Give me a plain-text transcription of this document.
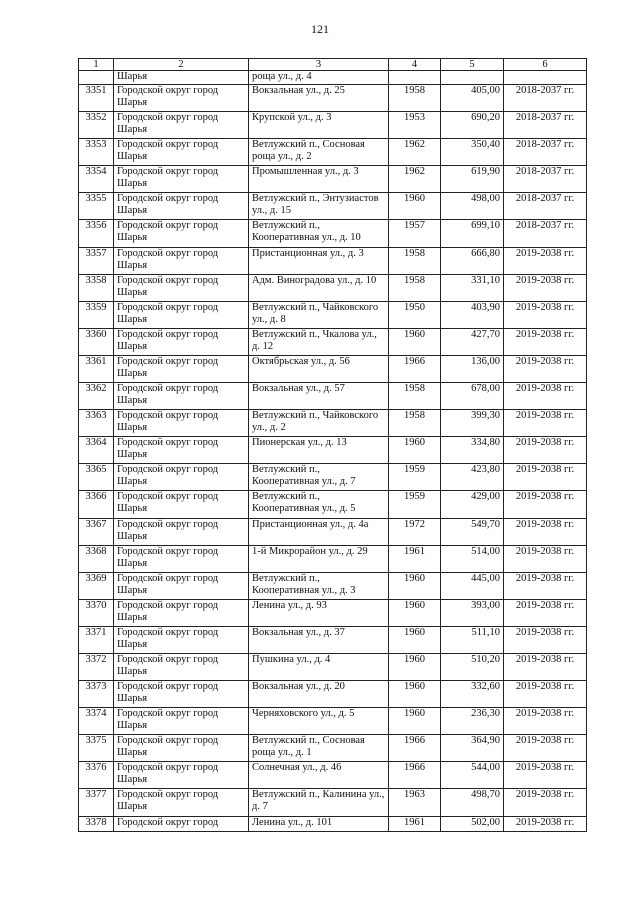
121
1	2	3	4	5	6
	Шарья	роща ул., д. 4			
3351	Городской округ город Шарья	Вокзальная ул., д. 25	1958	405,00	2018-2037 гг.
3352	Городской округ город Шарья	Крупской ул., д. 3	1953	690,20	2018-2037 гг.
3353	Городской округ город Шарья	Ветлужский п., Сосновая роща ул., д. 2	1962	350,40	2018-2037 гг.
3354	Городской округ город Шарья	Промышленная ул., д. 3	1962	619,90	2018-2037 гг.
3355	Городской округ город Шарья	Ветлужский п., Энтузиастов ул., д. 15	1960	498,00	2018-2037 гг.
3356	Городской округ город Шарья	Ветлужский п., Кооперативная ул., д. 10	1957	699,10	2018-2037 гг.
3357	Городской округ город Шарья	Пристанционная ул., д. 3	1958	666,80	2019-2038 гг.
3358	Городской округ город Шарья	Адм. Виноградова ул., д. 10	1958	331,10	2019-2038 гг.
3359	Городской округ город Шарья	Ветлужский п., Чайковского ул., д. 8	1950	403,90	2019-2038 гг.
3360	Городской округ город Шарья	Ветлужский п., Чкалова ул., д. 12	1960	427,70	2019-2038 гг.
3361	Городской округ город Шарья	Октябрьская ул., д. 56	1966	136,00	2019-2038 гг.
3362	Городской округ город Шарья	Вокзальная ул., д. 57	1958	678,00	2019-2038 гг.
3363	Городской округ город Шарья	Ветлужский п., Чайковского ул., д. 2	1958	399,30	2019-2038 гг.
3364	Городской округ город Шарья	Пионерская ул., д. 13	1960	334,80	2019-2038 гг.
3365	Городской округ город Шарья	Ветлужский п., Кооперативная ул., д. 7	1959	423,80	2019-2038 гг.
3366	Городской округ город Шарья	Ветлужский п., Кооперативная ул., д. 5	1959	429,00	2019-2038 гг.
3367	Городской округ город Шарья	Пристанционная ул., д. 4а	1972	549,70	2019-2038 гг.
3368	Городской округ город Шарья	1-й Микрорайон ул., д. 29	1961	514,00	2019-2038 гг.
3369	Городской округ город Шарья	Ветлужский п., Кооперативная ул., д. 3	1960	445,00	2019-2038 гг.
3370	Городской округ город Шарья	Ленина ул., д. 93	1960	393,00	2019-2038 гг.
3371	Городской округ город Шарья	Вокзальная ул., д. 37	1960	511,10	2019-2038 гг.
3372	Городской округ город Шарья	Пушкина ул., д. 4	1960	510,20	2019-2038 гг.
3373	Городской округ город Шарья	Вокзальная ул., д. 20	1960	332,60	2019-2038 гг.
3374	Городской округ город Шарья	Черняховского ул., д. 5	1960	236,30	2019-2038 гг.
3375	Городской округ город Шарья	Ветлужский п., Сосновая роща ул., д. 1	1966	364,90	2019-2038 гг.
3376	Городской округ город Шарья	Солнечная ул., д. 46	1966	544,00	2019-2038 гг.
3377	Городской округ город Шарья	Ветлужский п., Калинина ул., д. 7	1963	498,70	2019-2038 гг.
3378	Городской округ город	Ленина ул., д. 101	1961	502,00	2019-2038 гг.
